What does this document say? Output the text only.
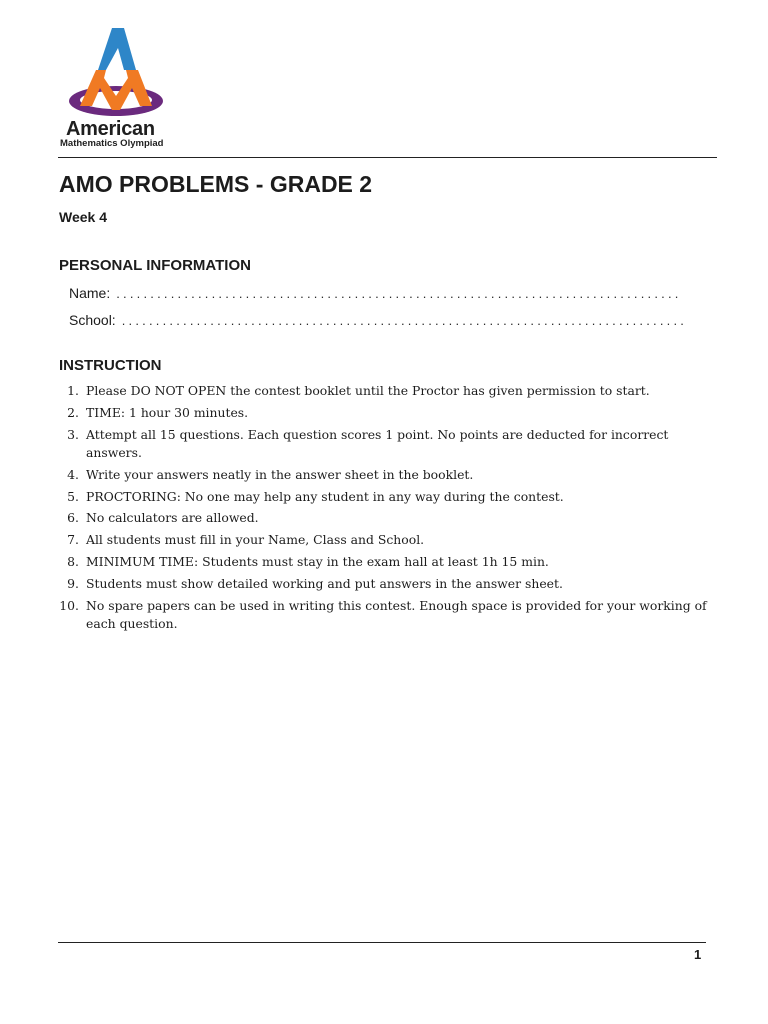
American
Mathematics Olympiad
AMO PROBLEMS - GRADE 2
Week 4
PERSONAL INFORMATION
Name: ...................................................................................
School: ...................................................................................
INSTRUCTION
1. Please DO NOT OPEN the contest booklet until the Proctor has given permission to start.
2. TIME: 1 hour 30 minutes.
3. Attempt all 15 questions. Each question scores 1 point. No points are deducted for incorrect answers.
4. Write your answers neatly in the answer sheet in the booklet.
5. PROCTORING: No one may help any student in any way during the contest.
6. No calculators are allowed.
7. All students must fill in your Name, Class and School.
8. MINIMUM TIME: Students must stay in the exam hall at least 1h 15 min.
9. Students must show detailed working and put answers in the answer sheet.
10. No spare papers can be used in writing this contest. Enough space is provided for your working of each question.
1
